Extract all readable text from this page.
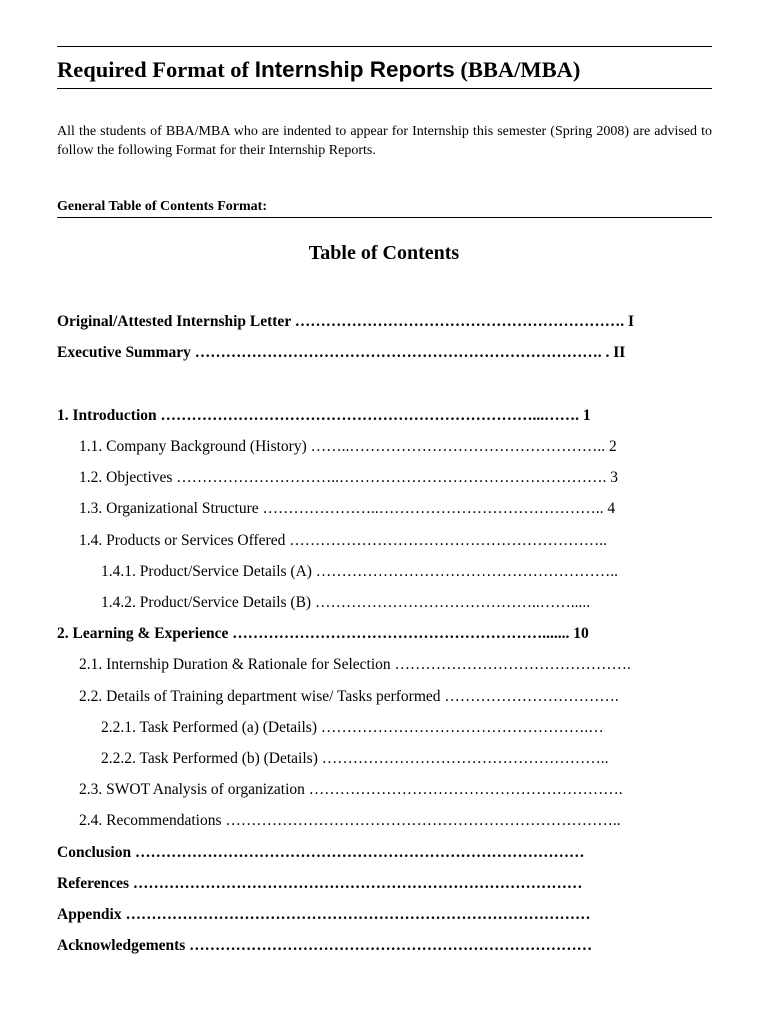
Required Format of Internship Reports (BBA/MBA)
All the students of BBA/MBA who are indented to appear for Internship this semester (Spring 2008) are advised to follow the following Format for their Internship Reports.
General Table of Contents Format:
Table of Contents
Original/Attested Internship Letter ………………………………………………………. I
Executive Summary ……………………………………………………………………. . II
1. Introduction ………………………………………………………………...……. 1
1.1. Company Background (History) ……..………………………………………….. 2
1.2. Objectives …………………………..……………………………………………. 3
1.3. Organizational Structure …………………..…………………………………….. 4
1.4. Products or Services Offered ……………………………………………………..
1.4.1. Product/Service Details (A) …………………………………………………..
1.4.2. Product/Service Details (B) ……………………………………..…….....
2. Learning & Experience ……………………………………………………....... 10
2.1. Internship Duration & Rationale for Selection ……………………………………….
2.2. Details of Training department wise/ Tasks performed …………………………….
2.2.1. Task Performed (a) (Details) …………………………………………….…
2.2.2. Task Performed (b) (Details) ………………………………………………..
2.3. SWOT Analysis of organization …………………………………………………….
2.4. Recommendations …………………………………………………………………..
Conclusion ……………………………………………………………………………
References ……………………………………………………………………………
Appendix ………………………………………………………………………………
Acknowledgements ……………………………………………………………………
